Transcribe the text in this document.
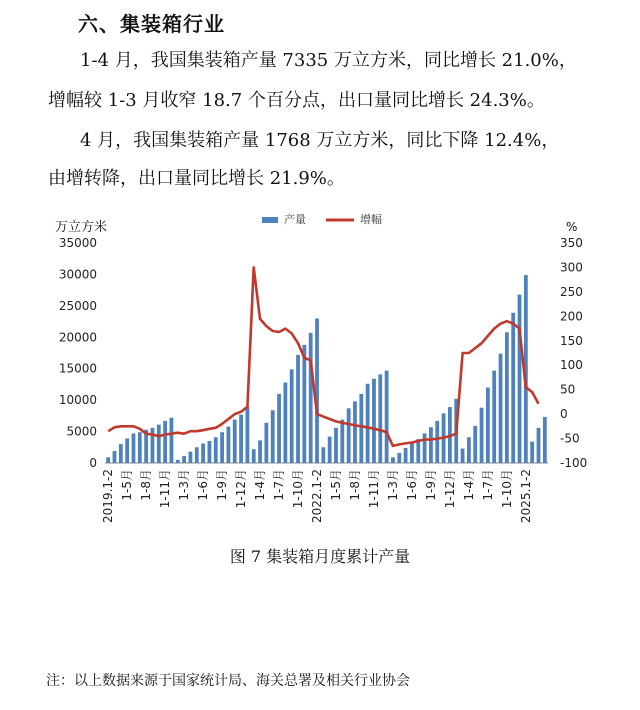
六、集装箱行业
1-4 月，我国集装箱产量 7335 万立方米，同比增长 21.0%，
增幅较 1-3 月收窄 18.7 个百分点，出口量同比增长 24.3%。
4 月，我国集装箱产量 1768 万立方米，同比下降 12.4%，
由增转降，出口量同比增长 21.9%。
0
5000
10000
15000
20000
25000
30000
35000
-100
-50
0
50
100
150
200
250
300
350
万立方米	%
产量	增幅
2019.1-2 1-5月 1-8月 1-11月 1-3月 1-6月 1-9月 1-12月 1-4月 1-7月 1-10月 2022.1-2 1-5月 1-8月 1-11月 1-3月 1-6月 1-9月 1-12月 1-4月 1-7月 1-10月 2025.1-2
图 7 集装箱月度累计产量
注：以上数据来源于国家统计局、海关总署及相关行业协会
